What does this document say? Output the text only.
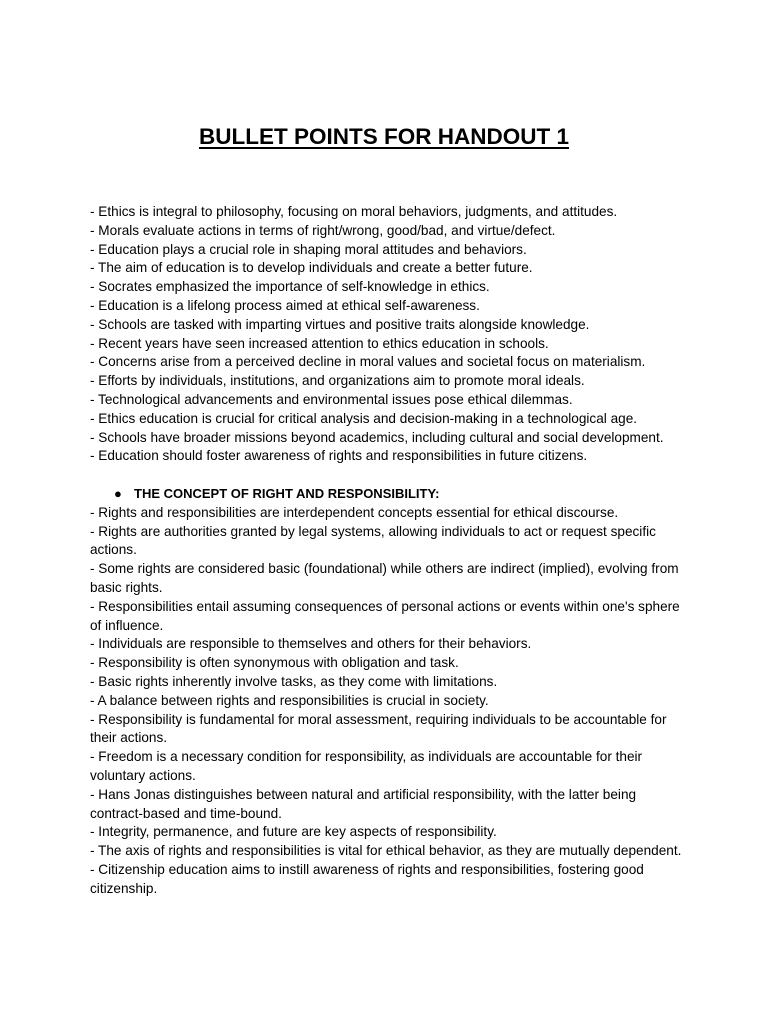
BULLET POINTS FOR HANDOUT 1
- Ethics is integral to philosophy, focusing on moral behaviors, judgments, and attitudes.
- Morals evaluate actions in terms of right/wrong, good/bad, and virtue/defect.
- Education plays a crucial role in shaping moral attitudes and behaviors.
- The aim of education is to develop individuals and create a better future.
- Socrates emphasized the importance of self-knowledge in ethics.
- Education is a lifelong process aimed at ethical self-awareness.
- Schools are tasked with imparting virtues and positive traits alongside knowledge.
- Recent years have seen increased attention to ethics education in schools.
- Concerns arise from a perceived decline in moral values and societal focus on materialism.
- Efforts by individuals, institutions, and organizations aim to promote moral ideals.
- Technological advancements and environmental issues pose ethical dilemmas.
- Ethics education is crucial for critical analysis and decision-making in a technological age.
- Schools have broader missions beyond academics, including cultural and social development.
- Education should foster awareness of rights and responsibilities in future citizens.
● THE CONCEPT OF RIGHT AND RESPONSIBILITY:
- Rights and responsibilities are interdependent concepts essential for ethical discourse.
- Rights are authorities granted by legal systems, allowing individuals to act or request specific actions.
- Some rights are considered basic (foundational) while others are indirect (implied), evolving from basic rights.
- Responsibilities entail assuming consequences of personal actions or events within one's sphere of influence.
- Individuals are responsible to themselves and others for their behaviors.
- Responsibility is often synonymous with obligation and task.
- Basic rights inherently involve tasks, as they come with limitations.
- A balance between rights and responsibilities is crucial in society.
- Responsibility is fundamental for moral assessment, requiring individuals to be accountable for their actions.
- Freedom is a necessary condition for responsibility, as individuals are accountable for their voluntary actions.
- Hans Jonas distinguishes between natural and artificial responsibility, with the latter being contract-based and time-bound.
- Integrity, permanence, and future are key aspects of responsibility.
- The axis of rights and responsibilities is vital for ethical behavior, as they are mutually dependent.
- Citizenship education aims to instill awareness of rights and responsibilities, fostering good citizenship.
